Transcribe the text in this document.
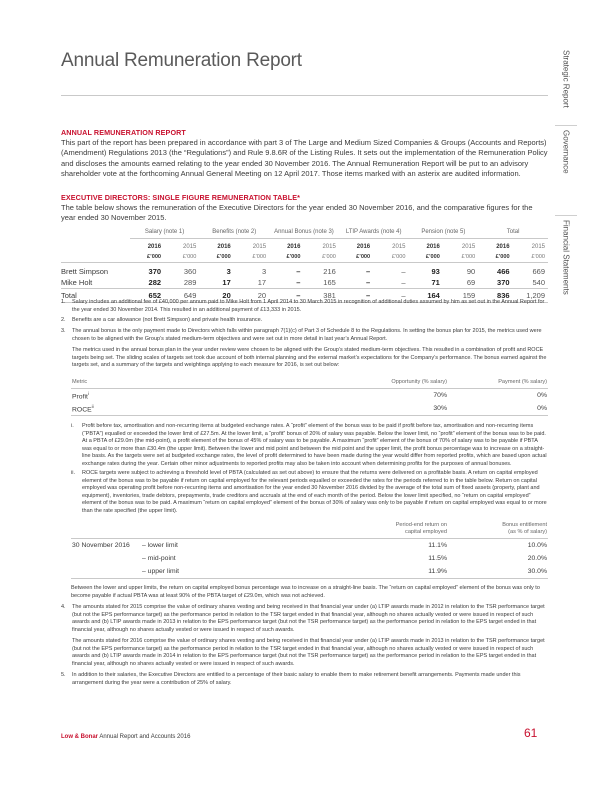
Annual Remuneration Report	Strategic Report
Governance
Financial Statements
ANNUAL REMUNERATION REPORT

This part of the report has been prepared in accordance with part 3 of The Large and Medium Sized Companies & Groups (Accounts and Reports) (Amendment) Regulations 2013 (the “Regulations”) and Rule 9.8.6R of the Listing Rules. It sets out the implementation of the Remuneration Policy and discloses the amounts earned relating to the year ended 30 November 2016. The Annual Remuneration Report will be put to an advisory shareholder vote at the forthcoming Annual General Meeting on 12 April 2017. Those items marked with an asterix are audited information.

EXECUTIVE DIRECTORS: SINGLE FIGURE REMUNERATION TABLE*

The table below shows the remuneration of the Executive Directors for the year ended 30 November 2016, and the comparative figures for the year ended 30 November 2015.

	Salary (note 1)		Benefits (note 2)		Annual Bonus (note 3)		LTIP Awards (note 4)		Pension (note 5)		Total	
	2016	2015	2016	2015	2016	2015	2016	2015	2016	2015	2016	2015
	£’000	£’000	£’000	£’000	£’000	£’000	£’000	£’000	£’000	£’000	£’000	£’000
Brett Simpson	370	360	3	3	–	216	–	–	93	90	466	669
Mike Holt	282	289	17	17	–	165	–	–	71	69	370	540
Total	652	649	20	20	–	381	–	–	164	159	836	1,209
1. Salary includes an additional fee of £40,000 per annum paid to Mike Holt from 1 April 2014 to 30 March 2015 in recognition of additional duties assumed by him as set out in the Annual Report for the year ended 30 November 2014. This resulted in an additional payment of £13,333 in 2015.
2. Benefits are a car allowance (not Brett Simpson) and private health insurance.
3. The annual bonus is the only payment made to Directors which falls within paragraph 7(1)(c) of Part 3 of Schedule 8 to the Regulations. In setting the bonus plan for 2015, the metrics used were chosen to be aligned with the Group’s stated medium-term objectives and were set out in more detail in last year’s Annual Report.
The metrics used in the annual bonus plan in the year under review were chosen to be aligned with the Group’s stated medium-term objectives. This resulted in a combination of profit and ROCE targets being set. The sliding scales of targets set took due account of both internal planning and the external market’s expectations for the Company’s performance. The bonus earned against the targets set, and a summary of the targets and weightings applying to each measure for 2016, is set out below:
Metric	Opportunity (% salary)	Payment (% salary)
Profit$^i$	70%	0%
ROCE$^{ii}$	30%	0%
i. Profit before tax, amortisation and non-recurring items at budgeted exchange rates. A “profit” element of the bonus was to be paid if profit before tax, amortisation and non-recurring items (“PBTA”) equalled or exceeded the lower limit of £27.5m. At the lower limit, a “profit” bonus of 20% of salary was payable. Below the lower limit, no “profit” element of the bonus was to be paid. At a PBTA of £29.0m (the mid-point), a profit element of the bonus of 45% of salary was to be payable. A maximum “profit” element of the bonus of 70% of salary was to be payable if PBTA was equal to or more than £30.4m (the upper limit). Between the lower and mid point and between the mid point and the upper limit, the profit bonus percentage was to increase on a straight-line basis. As the targets were set at budgeted exchange rates, the level of profit determined to have been made during the year would differ from reported profits, which are based upon actual exchange rates during the year. Certain other minor adjustments to reported profits may also be taken into account when determining profits for the purposes of annual bonuses.
ii. ROCE targets were subject to achieving a threshold level of PBTA (calculated as set out above) to ensure that the returns were delivered on a profitable basis. A return on capital employed element of the bonus was to be payable if return on capital employed for the relevant periods equalled or exceeded the rates for the periods referred to in the table below. Return on capital employed was operating profit before non-recurring items and amortisation for the year ended 30 November 2016 divided by the average of the total sum of fixed assets (property, plant and equipment), inventories, trade debtors, prepayments, trade creditors and accruals at the end of each month of the period. Below the lower limit specified, no “return on capital employed” element of the bonus was to be paid. A maximum “return on capital employed” element of the bonus of 30% of salary was only to be payable if return on capital employed was equal to or more than the rate specified (the upper limit).
		Period-end return on
capital employed	Bonus entitlement
(as % of salary)
30 November 2016	– lower limit	11.1%	10.0%
	– mid-point	11.5%	20.0%
	– upper limit	11.9%	30.0%
Between the lower and upper limits, the return on capital employed bonus percentage was to increase on a straight-line basis. The “return on capital employed” element of the bonus was only to become payable if actual PBTA was at least 90% of the PBTA target of £29.0m, which was not achieved.
4. The amounts stated for 2015 comprise the value of ordinary shares vesting and being received in that financial year under (a) LTIP awards made in 2012 in relation to the TSR performance target (but not the EPS performance target) as the performance period in relation to the TSR target ended in that financial year, although no shares actually vested or were issued in respect of such awards and (b) LTIP awards made in 2013 in relation to the EPS performance target (but not the TSR performance target) as the performance period in relation to the EPS target ended in that financial year, although no shares actually vested or were issued in respect of such awards.
The amounts stated for 2016 comprise the value of ordinary shares vesting and being received in that financial year under (a) LTIP awards made in 2013 in relation to the TSR performance target (but not the EPS performance target) as the performance period in relation to the TSR target ended in that financial year, although no shares actually vested or were issued in respect of such awards and (b) LTIP awards made in 2014 in relation to the EPS performance target (but not the TSR performance target) as the performance period in relation to the EPS target ended in that financial year, although no shares actually vested or were issued in respect of such awards.
5. In addition to their salaries, the Executive Directors are entitled to a percentage of their basic salary to enable them to make retirement benefit arrangements. Payments made under this arrangement during the year were a contribution of 25% of salary.
Low & Bonar Annual Report and Accounts 2016	61
